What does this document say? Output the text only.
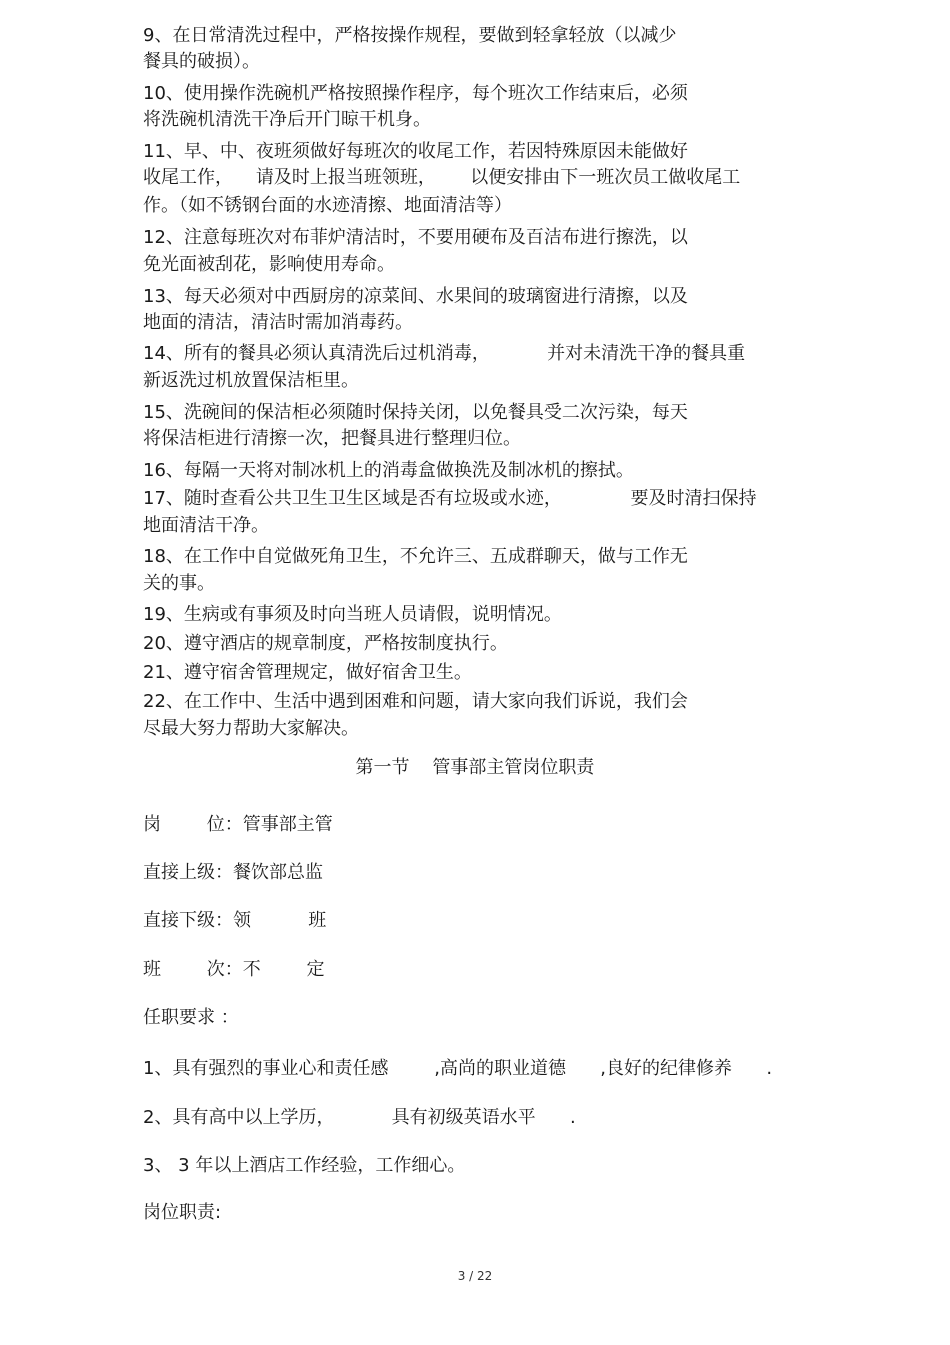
9、在日常清洗过程中，严格按操作规程，要做到轻拿轻放（以减少
餐具的破损）。
10、使用操作洗碗机严格按照操作程序，每个班次工作结束后，必须
将洗碗机清洗干净后开门晾干机身。
11、早、中、夜班须做好每班次的收尾工作，若因特殊原因未能做好
收尾工作，    请及时上报当班领班，      以便安排由下一班次员工做收尾工
作。（如不锈钢台面的水迹清擦、地面清洁等）
12、注意每班次对布菲炉清洁时，不要用硬布及百洁布进行擦洗，以
免光面被刮花，影响使用寿命。
13、每天必须对中西厨房的凉菜间、水果间的玻璃窗进行清擦，以及
地面的清洁，清洁时需加消毒药。
14、所有的餐具必须认真清洗后过机消毒，          并对未清洗干净的餐具重
新返洗过机放置保洁柜里。
15、洗碗间的保洁柜必须随时保持关闭，以免餐具受二次污染，每天
将保洁柜进行清擦一次，把餐具进行整理归位。
16、每隔一天将对制冰机上的消毒盒做换洗及制冰机的擦拭。
17、随时查看公共卫生卫生区域是否有垃圾或水迹，            要及时清扫保持
地面清洁干净。
18、在工作中自觉做死角卫生，不允许三、五成群聊天，做与工作无
关的事。
19、生病或有事须及时向当班人员请假，说明情况。
20、遵守酒店的规章制度，严格按制度执行。
21、遵守宿舍管理规定，做好宿舍卫生。
22、在工作中、生活中遇到困难和问题，请大家向我们诉说，我们会
尽最大努力帮助大家解决。
第一节    管事部主管岗位职责
岗        位：管事部主管
直接上级：餐饮部总监
直接下级：领          班
班        次：不        定
任职要求 ：
1、具有强烈的事业心和责任感        ,高尚的职业道德      ,良好的纪律修养      .
2、具有高中以上学历，          具有初级英语水平      .
3、 3 年以上酒店工作经验，工作细心。
岗位职责:
3 / 22
